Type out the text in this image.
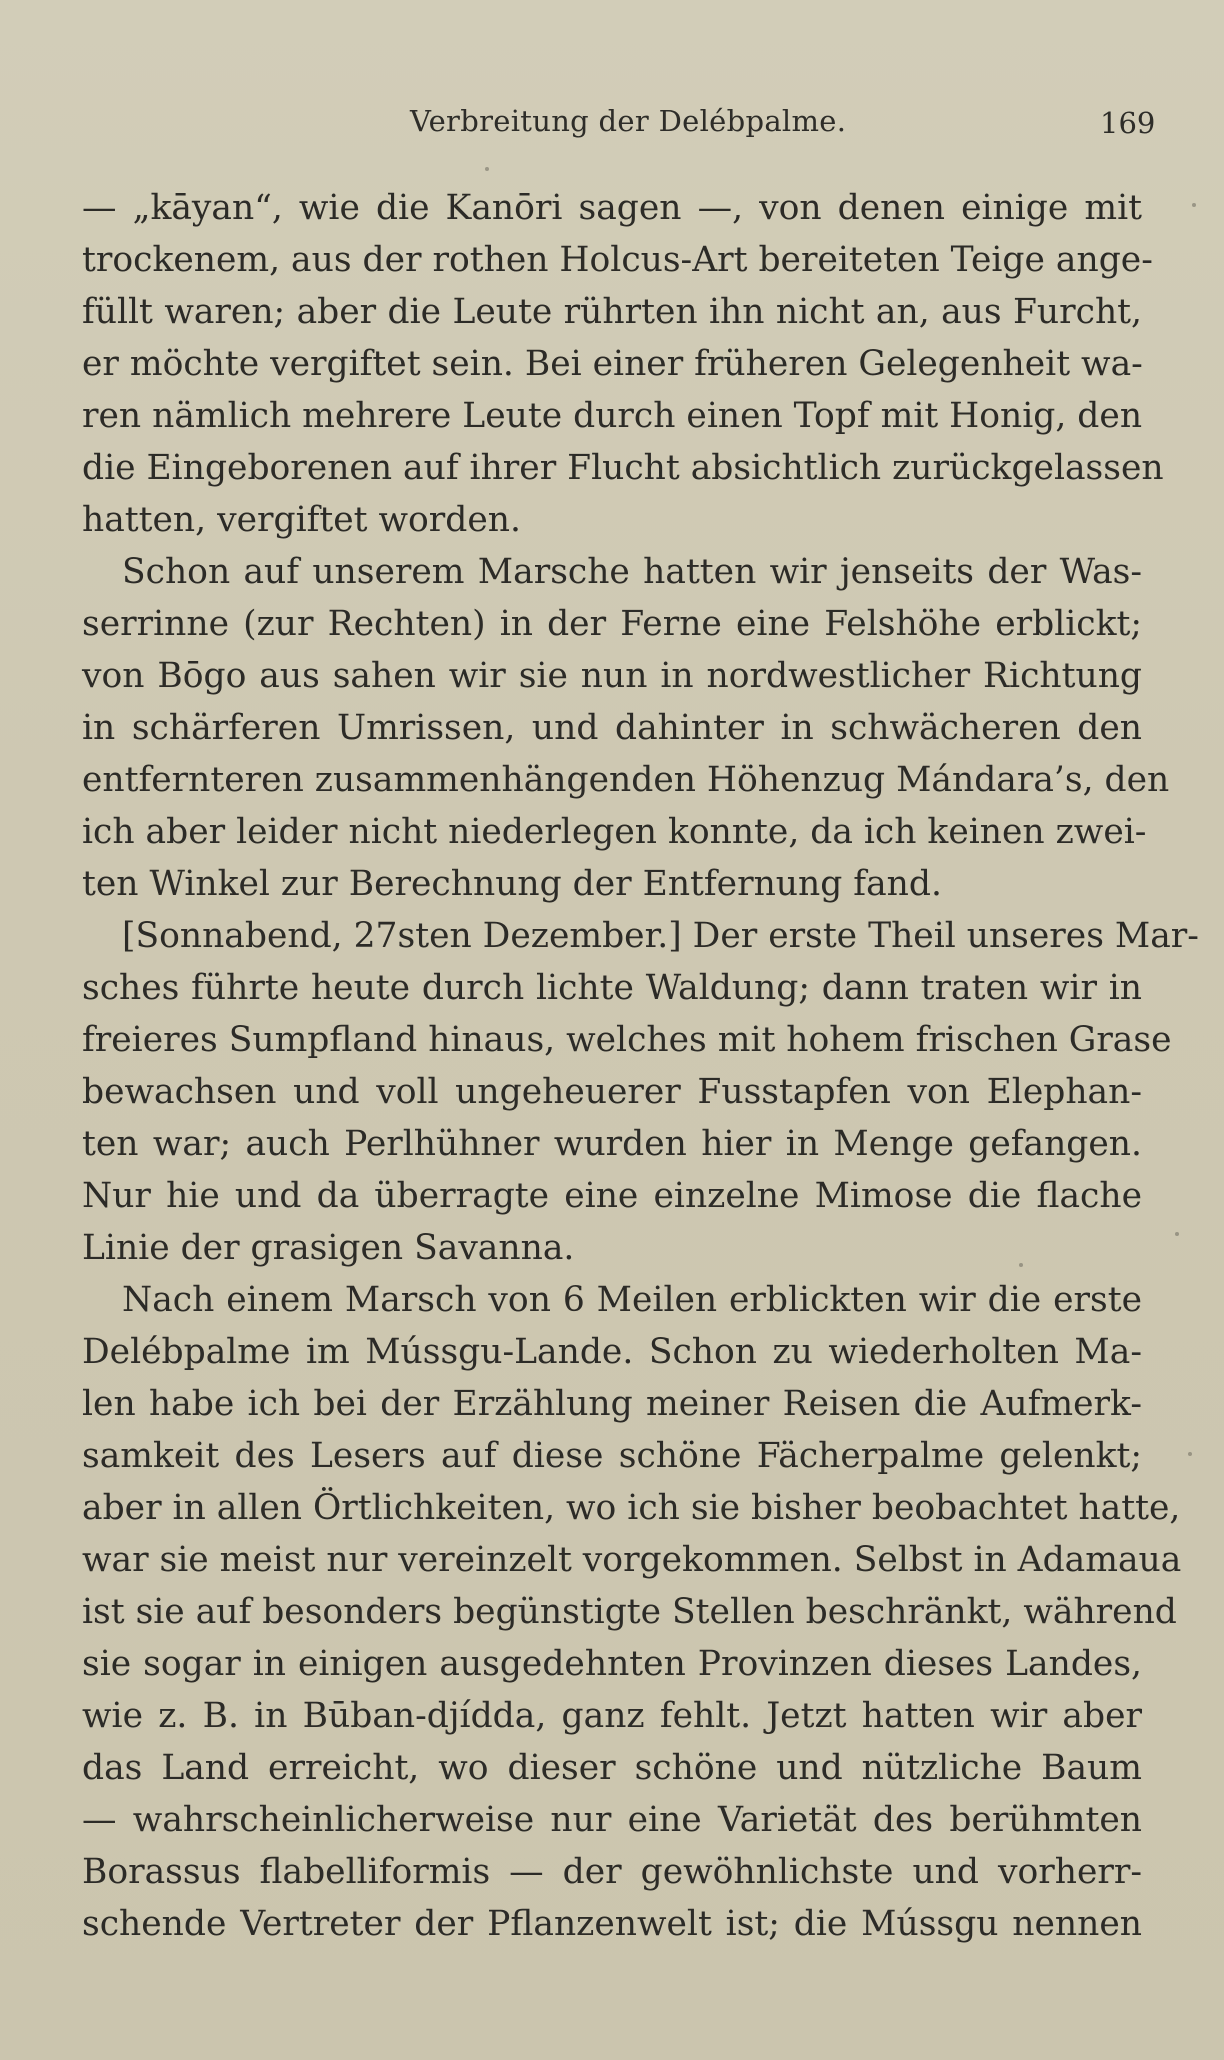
Verbreitung der Delébpalme.	169
— „kāyan“, wie die Kanōri sagen —, von denen einige mit
trockenem, aus der rothen Holcus-Art bereiteten Teige ange-
füllt waren; aber die Leute rührten ihn nicht an, aus Furcht,
er möchte vergiftet sein. Bei einer früheren Gelegenheit wa-
ren nämlich mehrere Leute durch einen Topf mit Honig, den
die Eingeborenen auf ihrer Flucht absichtlich zurückgelassen
hatten, vergiftet worden.
Schon auf unserem Marsche hatten wir jenseits der Was-
serrinne (zur Rechten) in der Ferne eine Felshöhe erblickt;
von Bōgo aus sahen wir sie nun in nordwestlicher Richtung
in schärferen Umrissen, und dahinter in schwächeren den
entfernteren zusammenhängenden Höhenzug Mándara’s, den
ich aber leider nicht niederlegen konnte, da ich keinen zwei-
ten Winkel zur Berechnung der Entfernung fand.
[Sonnabend, 27sten Dezember.] Der erste Theil unseres Mar-
sches führte heute durch lichte Waldung; dann traten wir in
freieres Sumpfland hinaus, welches mit hohem frischen Grase
bewachsen und voll ungeheuerer Fusstapfen von Elephan-
ten war; auch Perlhühner wurden hier in Menge gefangen.
Nur hie und da überragte eine einzelne Mimose die flache
Linie der grasigen Savanna.
Nach einem Marsch von 6 Meilen erblickten wir die erste
Delébpalme im Mússgu-Lande. Schon zu wiederholten Ma-
len habe ich bei der Erzählung meiner Reisen die Aufmerk-
samkeit des Lesers auf diese schöne Fächerpalme gelenkt;
aber in allen Örtlichkeiten, wo ich sie bisher beobachtet hatte,
war sie meist nur vereinzelt vorgekommen. Selbst in Adamaua
ist sie auf besonders begünstigte Stellen beschränkt, während
sie sogar in einigen ausgedehnten Provinzen dieses Landes,
wie z. B. in Būban-djídda, ganz fehlt. Jetzt hatten wir aber
das Land erreicht, wo dieser schöne und nützliche Baum
— wahrscheinlicherweise nur eine Varietät des berühmten
Borassus flabelliformis — der gewöhnlichste und vorherr-
schende Vertreter der Pflanzenwelt ist; die Mússgu nennen
